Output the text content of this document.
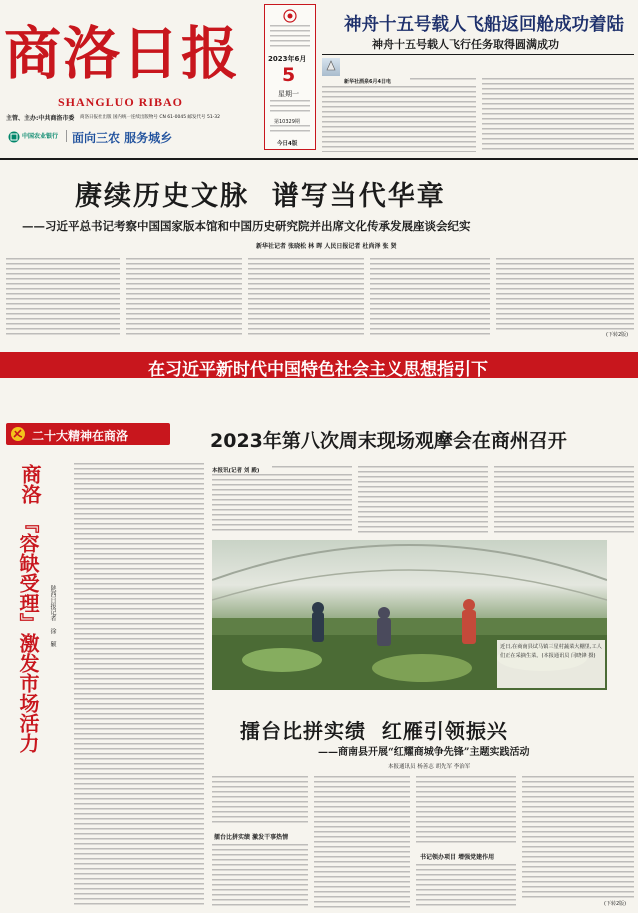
商洛日报
SHANGLUO RIBAO
主管、主办:中共商洛市委 商洛日报社出版 国内统一连续出版物号 CN 61-0045 邮发代号 51-32
中国农业银行 面向三农 服务城乡
2023年6月
5
星期一
第10329期
今日4版
神舟十五号载人飞船返回舱成功着陆
神舟十五号载人飞行任务取得圆满成功
新华社酒泉6月4日电
赓续历史文脉  谱写当代华章
——习近平总书记考察中国国家版本馆和中国历史研究院并出席文化传承发展座谈会纪实
新华社记者 张晓松 林 晖 人民日报记者 杜尚泽 张 贤
(下转2版)
在习近平新时代中国特色社会主义思想指引下
二十大精神在商洛
商洛
『容缺受理』激发市场活力 陕西日报记者 徐 颖
2023年第八次周末现场观摩会在商州召开
本报讯(记者 刘 殿)
近日,在商南县试马镇三星村蔬菜大棚里,工人们正在采摘生菜。(本报通讯员 闫晓锋 摄)
擂台比拼实绩  红雁引领振兴
——商南县开展“红耀商城争先锋”主题实践活动
本报通讯员 杨善志 胡先军 李治军
擂台比拼实绩 激发干事热情
书记领办项目 增强党建作用
(下转2版)
